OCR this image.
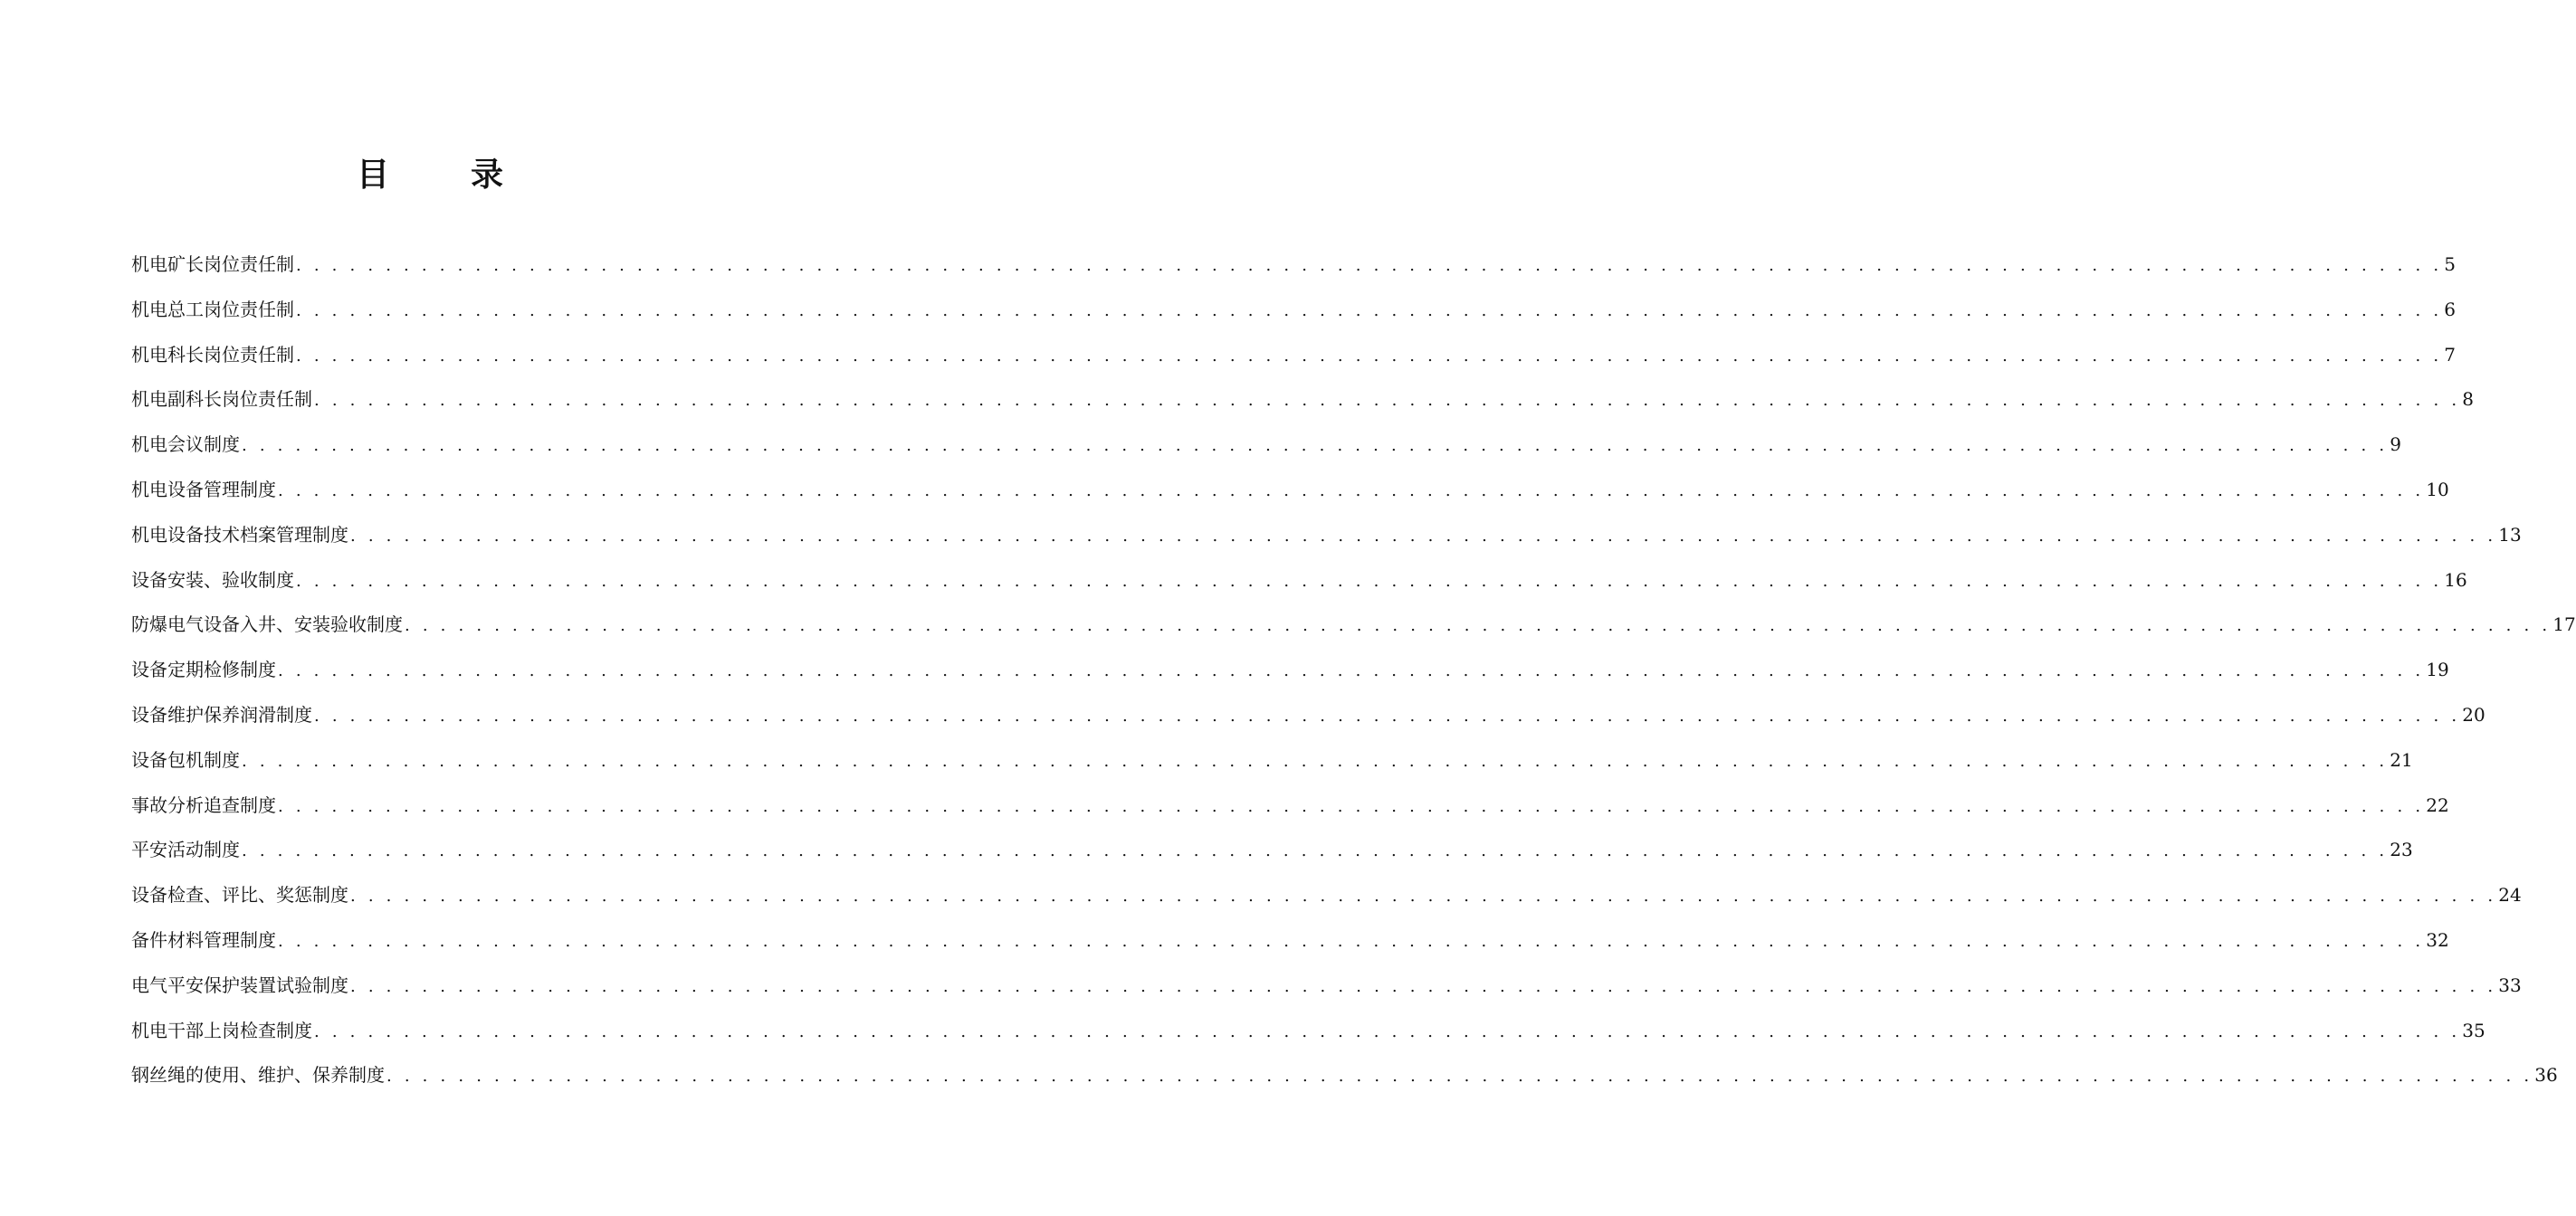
目	录
机电矿长岗位责任制 . . . . . . . . . . . . . . . . . . . . . . . . . . . . . . . . . . . . . . . . . . . . . . . . . . . . . . . . . . . . . . . . . . . . . . . . . . . . . . . . . . . . . . . . . . . . . . . . . . . . . . . . . . . . . . . . . . . . . . . . 5
机电总工岗位责任制 . . . . . . . . . . . . . . . . . . . . . . . . . . . . . . . . . . . . . . . . . . . . . . . . . . . . . . . . . . . . . . . . . . . . . . . . . . . . . . . . . . . . . . . . . . . . . . . . . . . . . . . . . . . . . . . . . . . . . . . . 6
机电科长岗位责任制 . . . . . . . . . . . . . . . . . . . . . . . . . . . . . . . . . . . . . . . . . . . . . . . . . . . . . . . . . . . . . . . . . . . . . . . . . . . . . . . . . . . . . . . . . . . . . . . . . . . . . . . . . . . . . . . . . . . . . . . . 7
机电副科长岗位责任制 . . . . . . . . . . . . . . . . . . . . . . . . . . . . . . . . . . . . . . . . . . . . . . . . . . . . . . . . . . . . . . . . . . . . . . . . . . . . . . . . . . . . . . . . . . . . . . . . . . . . . . . . . . . . . . . . . . . . . . . . 8
机电会议制度 . . . . . . . . . . . . . . . . . . . . . . . . . . . . . . . . . . . . . . . . . . . . . . . . . . . . . . . . . . . . . . . . . . . . . . . . . . . . . . . . . . . . . . . . . . . . . . . . . . . . . . . . . . . . . . . . . . . . . . . . 9
机电设备管理制度 . . . . . . . . . . . . . . . . . . . . . . . . . . . . . . . . . . . . . . . . . . . . . . . . . . . . . . . . . . . . . . . . . . . . . . . . . . . . . . . . . . . . . . . . . . . . . . . . . . . . . . . . . . . . . . . . . . . . . . . . 10
机电设备技术档案管理制度 . . . . . . . . . . . . . . . . . . . . . . . . . . . . . . . . . . . . . . . . . . . . . . . . . . . . . . . . . . . . . . . . . . . . . . . . . . . . . . . . . . . . . . . . . . . . . . . . . . . . . . . . . . . . . . . . . . . . . . . . 13
设备安装、验收制度 . . . . . . . . . . . . . . . . . . . . . . . . . . . . . . . . . . . . . . . . . . . . . . . . . . . . . . . . . . . . . . . . . . . . . . . . . . . . . . . . . . . . . . . . . . . . . . . . . . . . . . . . . . . . . . . . . . . . . . . . 16
防爆电气设备入井、安装验收制度 . . . . . . . . . . . . . . . . . . . . . . . . . . . . . . . . . . . . . . . . . . . . . . . . . . . . . . . . . . . . . . . . . . . . . . . . . . . . . . . . . . . . . . . . . . . . . . . . . . . . . . . . . . . . . . . . . . . . . . . . 17
设备定期检修制度 . . . . . . . . . . . . . . . . . . . . . . . . . . . . . . . . . . . . . . . . . . . . . . . . . . . . . . . . . . . . . . . . . . . . . . . . . . . . . . . . . . . . . . . . . . . . . . . . . . . . . . . . . . . . . . . . . . . . . . . . 19
设备维护保养润滑制度 . . . . . . . . . . . . . . . . . . . . . . . . . . . . . . . . . . . . . . . . . . . . . . . . . . . . . . . . . . . . . . . . . . . . . . . . . . . . . . . . . . . . . . . . . . . . . . . . . . . . . . . . . . . . . . . . . . . . . . . . 20
设备包机制度 . . . . . . . . . . . . . . . . . . . . . . . . . . . . . . . . . . . . . . . . . . . . . . . . . . . . . . . . . . . . . . . . . . . . . . . . . . . . . . . . . . . . . . . . . . . . . . . . . . . . . . . . . . . . . . . . . . . . . . . . 21
事故分析追查制度 . . . . . . . . . . . . . . . . . . . . . . . . . . . . . . . . . . . . . . . . . . . . . . . . . . . . . . . . . . . . . . . . . . . . . . . . . . . . . . . . . . . . . . . . . . . . . . . . . . . . . . . . . . . . . . . . . . . . . . . . 22
平安活动制度 . . . . . . . . . . . . . . . . . . . . . . . . . . . . . . . . . . . . . . . . . . . . . . . . . . . . . . . . . . . . . . . . . . . . . . . . . . . . . . . . . . . . . . . . . . . . . . . . . . . . . . . . . . . . . . . . . . . . . . . . 23
设备检查、评比、奖惩制度 . . . . . . . . . . . . . . . . . . . . . . . . . . . . . . . . . . . . . . . . . . . . . . . . . . . . . . . . . . . . . . . . . . . . . . . . . . . . . . . . . . . . . . . . . . . . . . . . . . . . . . . . . . . . . . . . . . . . . . . . 24
备件材料管理制度 . . . . . . . . . . . . . . . . . . . . . . . . . . . . . . . . . . . . . . . . . . . . . . . . . . . . . . . . . . . . . . . . . . . . . . . . . . . . . . . . . . . . . . . . . . . . . . . . . . . . . . . . . . . . . . . . . . . . . . . . 32
电气平安保护装置试验制度 . . . . . . . . . . . . . . . . . . . . . . . . . . . . . . . . . . . . . . . . . . . . . . . . . . . . . . . . . . . . . . . . . . . . . . . . . . . . . . . . . . . . . . . . . . . . . . . . . . . . . . . . . . . . . . . . . . . . . . . . 33
机电干部上岗检查制度 . . . . . . . . . . . . . . . . . . . . . . . . . . . . . . . . . . . . . . . . . . . . . . . . . . . . . . . . . . . . . . . . . . . . . . . . . . . . . . . . . . . . . . . . . . . . . . . . . . . . . . . . . . . . . . . . . . . . . . . . 35
钢丝绳的使用、维护、保养制度 . . . . . . . . . . . . . . . . . . . . . . . . . . . . . . . . . . . . . . . . . . . . . . . . . . . . . . . . . . . . . . . . . . . . . . . . . . . . . . . . . . . . . . . . . . . . . . . . . . . . . . . . . . . . . . . . . . . . . . . . 36
